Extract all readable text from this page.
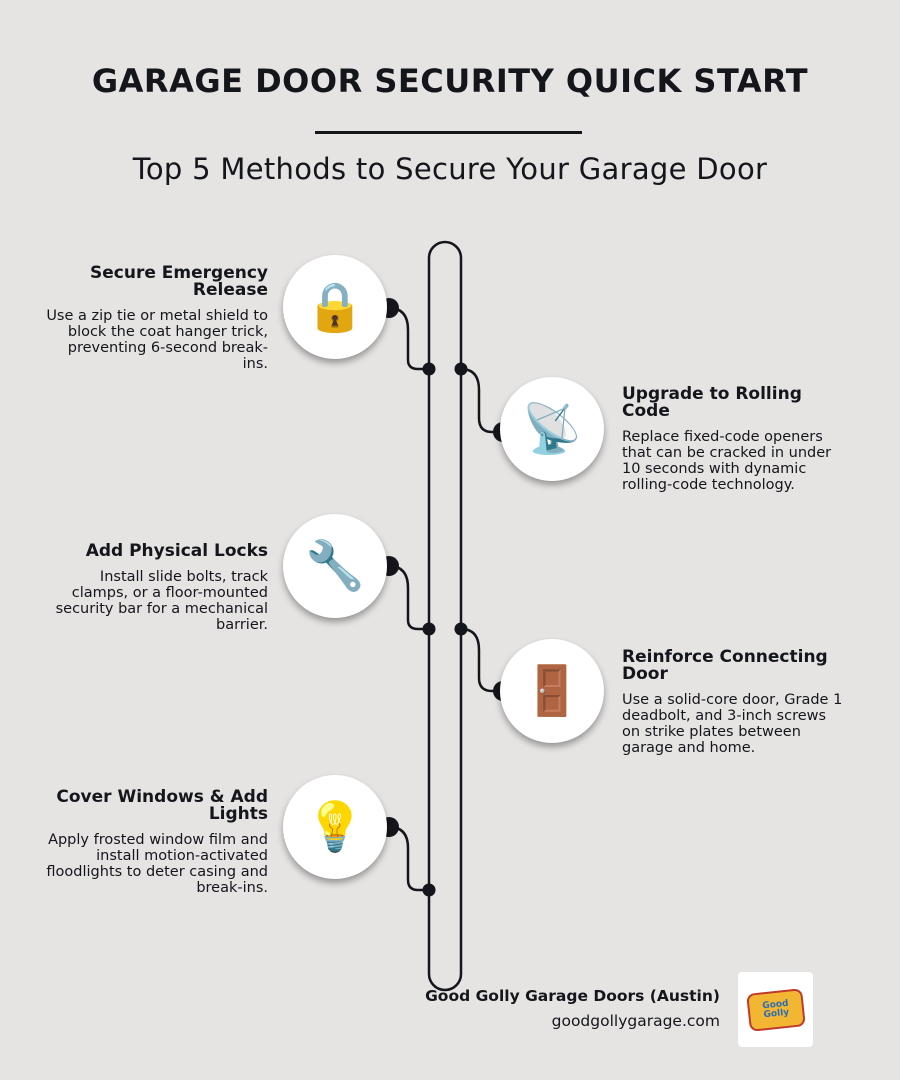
GARAGE DOOR SECURITY QUICK START
Top 5 Methods to Secure Your Garage Door
🔒

Secure Emergency Release

Use a zip tie or metal shield to block the coat hanger trick, preventing 6-second break-ins.

📡

Upgrade to Rolling Code

Replace fixed-code openers that can be cracked in under 10 seconds with dynamic rolling-code technology.

🔧

Add Physical Locks

Install slide bolts, track clamps, or a floor-mounted security bar for a mechanical barrier.

🚪

Reinforce Connecting Door

Use a solid-core door, Grade 1 deadbolt, and 3-inch screws on strike plates between garage and home.

💡

Cover Windows & Add Lights

Apply frosted window film and install motion-activated floodlights to deter casing and break-ins.

Good Golly Garage Doors (Austin)
goodgollygarage.com
Good Golly
